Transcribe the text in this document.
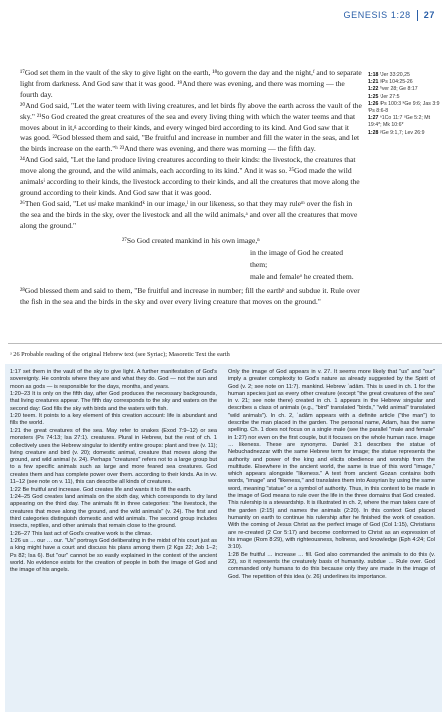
GENESIS 1:28 27

¹⁷God set them in the vault of the sky to give light on the earth, ¹⁸to govern the day and the night,ᶠ and to separate light from darkness. And God saw that it was good. ¹⁹And there was evening, and there was morning — the fourth day.

²⁰And God said, "Let the water teem with living creatures, and let birds fly above the earth across the vault of the sky." ²¹So God created the great creatures of the sea and every living thing with which the water teems and that moves about in it,ᵍ according to their kinds, and every winged bird according to its kind. And God saw that it was good. ²²God blessed them and said, "Be fruitful and increase in number and fill the water in the seas, and let the birds increase on the earth."ʰ ²³And there was evening, and there was morning — the fifth day.

²⁴And God said, "Let the land produce living creatures according to their kinds: the livestock, the creatures that move along the ground, and the wild animals, each according to its kind." And it was so. ²⁵God made the wild animalsⁱ according to their kinds, the livestock according to their kinds, and all the creatures that move along the ground according to their kinds. And God saw that it was good.

²⁶Then God said, "Let usʲ make mankindᵏ in our image,ˡ in our likeness, so that they may ruleᵐ over the fish in the sea and the birds in the sky, over the livestock and all the wild animals,ᵃ and over all the creatures that move along the ground."

²⁷So God created mankind in his own image,ⁿ
in the image of God he created them;
male and femaleᵒ he created them.

²⁸God blessed them and said to them, "Be fruitful and increase in number; fill the earthᵖ and subdue it. Rule over the fish in the sea and the birds in the sky and over every living creature that moves on the ground."

1:18 ᶠJer 33:20,25
1:21 ᵍPs 104:25-26
1:22 ʰver 28; Ge 8:17
1:25 ⁱJer 27:5
1:26 ʲPs 100:3 ᵏGe 9:6; Jas 3:9 ˡPs 8:6-8
1:27 ⁿ1Co 11:7 ᵒGe 5:2; Mt 19:4*; Mk 10:6*
1:28 ᵖGe 9:1,7; Lev 26:9
ᵃ 26 Probable reading of the original Hebrew text (see Syriac); Masoretic Text the earth

1:17 set them in the vault of the sky to give light. A further manifestation of God's sovereignty. He controls where they are and what they do. God — not the sun and moon as gods — is responsible for the days, months, and years.

1:20–23 It is only on the fifth day, after God produces the necessary backgrounds, that living creatures appear. The fifth day corresponds to the sky and waters on the second day: God fills the sky with birds and the waters with fish.

1:20 teem. It points to a key element of this creation account: life is abundant and fills the world.

1:21 the great creatures of the sea. May refer to snakes (Exod 7:9–12) or sea monsters (Ps 74:13; Isa 27:1). creatures. Plural in Hebrew, but the rest of ch. 1 collectively uses the Hebrew singular to identify entire groups: plant and tree (v. 11); living creature and bird (v. 20); domestic animal, creature that moves along the ground, and wild animal (v. 24). Perhaps "creatures" refers not to a large group but to a few specific animals such as large and more feared sea creatures. God creates them and has complete power over them. according to their kinds. As in vv. 11–12 (see note on v. 11), this can describe all kinds of creatures.

1:22 Be fruitful and increase. God creates life and wants it to fill the earth.

1:24–25 God creates land animals on the sixth day, which corresponds to dry land appearing on the third day. The animals fit in three categories: "the livestock, the creatures that move along the ground, and the wild animals" (v. 24). The first and third categories distinguish domestic and wild animals. The second group includes insects, reptiles, and other animals that remain close to the ground.

1:26–27 This last act of God's creative work is the climax.

1:26 us … our … our. "Us" portrays God deliberating in the midst of his court just as a king might have a court and discuss his plans among them (2 Kgs 22; Job 1–2; Ps 82; Isa 6). But "our" cannot be so easily explained in the context of the ancient world. No evidence exists for the creation of people in both the image of God and the image of his angels.

Only the image of God appears in v. 27. It seems more likely that "us" and "our" imply a greater complexity to God's nature as already suggested by the Spirit of God (v. 2; see note on 11:7). mankind. Hebrew ʾadām. This is used in ch. 1 for the human species just as every other creature (except "the great creatures of the sea" in v. 21; see note there) created in ch. 1 appears in the Hebrew singular and describes a class of animals (e.g., "bird" translated "birds," "wild animal" translated "wild animals"). In ch. 2, ʾadām appears with a definite article ("the man") to describe the man placed in the garden. The personal name, Adam, has the same spelling. Ch. 1 does not focus on a single male (see the parallel "male and female" in 1:27) nor even on the first couple, but it focuses on the whole human race. image … likeness. These are synonyms. Daniel 3:1 describes the statue of Nebuchadnezzar with the same Hebrew term for image; the statue represents the authority and power of the king and elicits obedience and worship from the multitude. Elsewhere in the ancient world, the same is true of this word "image," which appears alongside "likeness." A text from ancient Gozan contains both words, "image" and "likeness," and translates them into Assyrian by using the same word, meaning "statue" or a symbol of authority. Thus, in this context to be made in the image of God means to rule over the life in the three domains that God created. This rulership is a stewardship. It is illustrated in ch. 2, where the man takes care of the garden (2:15) and names the animals (2:20). In this context God placed humanity on earth to continue his rulership after he finished the work of creation. With the coming of Jesus Christ as the perfect image of God (Col 1:15), Christians are re-created (2 Cor 5:17) and become conformed to Christ as an expression of his image (Rom 8:29), with righteousness, holiness, and knowledge (Eph 4:24; Col 3:10).

1:28 Be fruitful … increase … fill. God also commanded the animals to do this (v. 22), so it represents the creaturely basis of humanity. subdue … Rule over. God commanded only humans to do this because only they are made in the image of God. The repetition of this idea (v. 26) underlines its importance.
